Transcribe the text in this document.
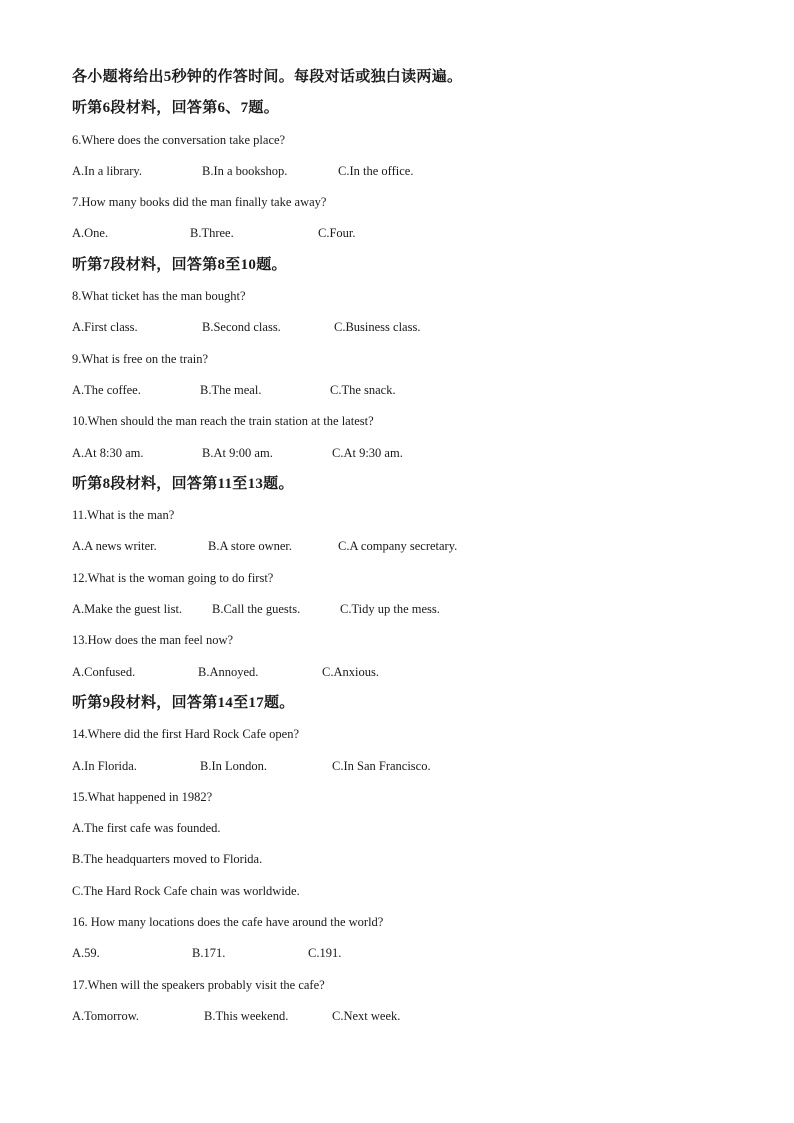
各小题将给出5秒钟的作答时间。每段对话或独白读两遍。
听第6段材料，回答第6、7题。
6.Where does the conversation take place?
A.In a library.	B.In a bookshop.	C.In the office.
7.How many books did the man finally take away?
A.One.	B.Three.	C.Four.
听第7段材料，回答第8至10题。
8.What ticket has the man bought?
A.First class.	B.Second class.	C.Business class.
9.What is free on the train?
A.The coffee.	B.The meal.	C.The snack.
10.When should the man reach the train station at the latest?
A.At 8:30 am.	B.At 9:00 am.	C.At 9:30 am.
听第8段材料，回答第11至13题。
11.What is the man?
A.A news writer.	B.A store owner.	C.A company secretary.
12.What is the woman going to do first?
A.Make the guest list. B.Call the guests.	C.Tidy up the mess.
13.How does the man feel now?
A.Confused.	B.Annoyed.	C.Anxious.
听第9段材料，回答第14至17题。
14.Where did the first Hard Rock Cafe open?
A.In Florida.	B.In London.	C.In San Francisco.
15.What happened in 1982?
A.The first cafe was founded.
B.The headquarters moved to Florida.
C.The Hard Rock Cafe chain was worldwide.
16. How many locations does the cafe have around the world?
A.59.	B.171.	C.191.
17.When will the speakers probably visit the cafe?
A.Tomorrow.	B.This weekend.	C.Next week.
